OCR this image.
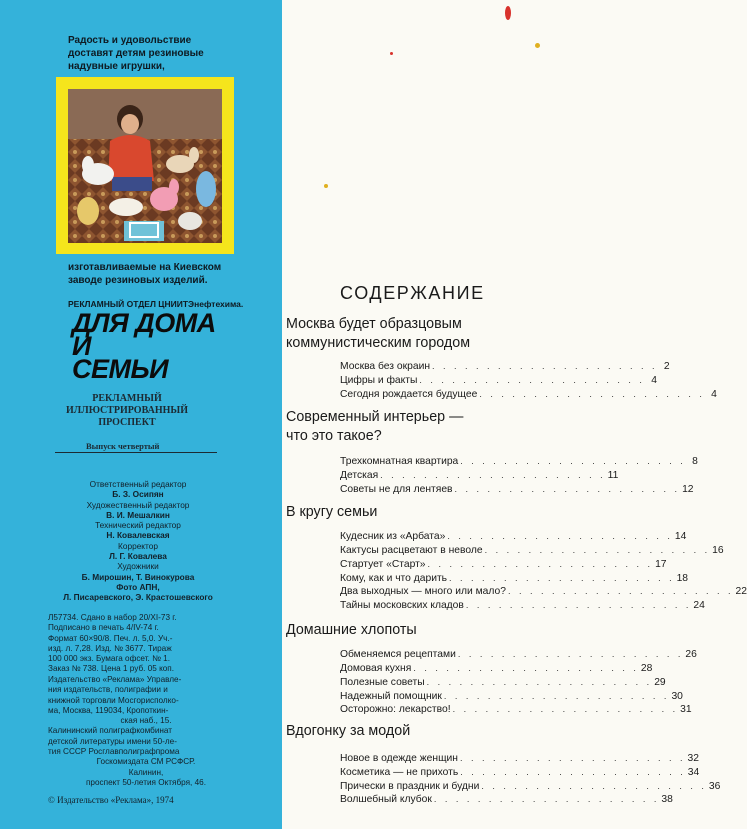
Радость и удовольствие доставят детям резиновые надувные игрушки,
изготавливаемые на Киевском заводе резиновых изделий.
РЕКЛАМНЫЙ ОТДЕЛ ЦНИИТЭнефтехима.
ДЛЯ ДОМА
И
СЕМЬИ
РЕКЛАМНЫЙ
ИЛЛЮСТРИРОВАННЫЙ
ПРОСПЕКТ
Выпуск четвертый
Ответственный редактор
Б. З. Осипян
Художественный редактор
В. И. Мешалкин
Технический редактор
Н. Ковалевская
Корректор
Л. Г. Ковалева
Художники
Б. Мирошин, Т. Винокурова
Фото АПН,
Л. Писаревского, Э. Крастошевского
Л57734. Сдано в набор 20/XI-73 г.
Подписано в печать 4/IV-74 г.
Формат 60×90/8. Печ. л. 5,0. Уч.-
изд. л. 7,28. Изд. № 3677. Тираж
100 000 экз. Бумага офсет. № 1.
Заказ № 738. Цена 1 руб. 05 коп.
Издательство «Реклама» Управле-
ния издательств, полиграфии и
книжной торговли Мосгорисполко-
ма, Москва, 119034, Кропоткин-
ская наб., 15.
Калининский полиграфкомбинат
детской литературы имени 50-ле-
тия СССР Росглавполиграфпрома
Госкомиздата СМ РСФСР.
Калинин,
проспект 50-летия Октября, 46.
© Издательство «Реклама», 1974
СОДЕРЖАНИЕ
Москва будет образцовым
коммунистическим городом
Москва без окраин . . . . . . . . . . . . . . . . . . . . . 2
Цифры и факты . . . . . . . . . . . . . . . . . . . . . 4
Сегодня рождается будущее . . . . . . . . . . . . . . . . . . . . . 4
Современный интерьер —
что это такое?
Трехкомнатная квартира . . . . . . . . . . . . . . . . . . . . . 8
Детская . . . . . . . . . . . . . . . . . . . . . 11
Советы не для лентяев . . . . . . . . . . . . . . . . . . . . . 12
В кругу семьи
Кудесник из «Арбата» . . . . . . . . . . . . . . . . . . . . . 14
Кактусы расцветают в неволе . . . . . . . . . . . . . . . . . . . . . 16
Стартует «Старт» . . . . . . . . . . . . . . . . . . . . . 17
Кому, как и что дарить . . . . . . . . . . . . . . . . . . . . . 18
Два выходных — много или мало? . . . . . . . . . . . . . . . . . . . . . 22
Тайны московских кладов . . . . . . . . . . . . . . . . . . . . . 24
Домашние хлопоты
Обменяемся рецептами . . . . . . . . . . . . . . . . . . . . . 26
Домовая кухня . . . . . . . . . . . . . . . . . . . . . 28
Полезные советы . . . . . . . . . . . . . . . . . . . . . 29
Надежный помощник . . . . . . . . . . . . . . . . . . . . . 30
Осторожно: лекарство! . . . . . . . . . . . . . . . . . . . . . 31
Вдогонку за модой
Новое в одежде женщин . . . . . . . . . . . . . . . . . . . . . 32
Косметика — не прихоть . . . . . . . . . . . . . . . . . . . . . 34
Прически в праздник и будни . . . . . . . . . . . . . . . . . . . . . 36
Волшебный клубок . . . . . . . . . . . . . . . . . . . . . 38
